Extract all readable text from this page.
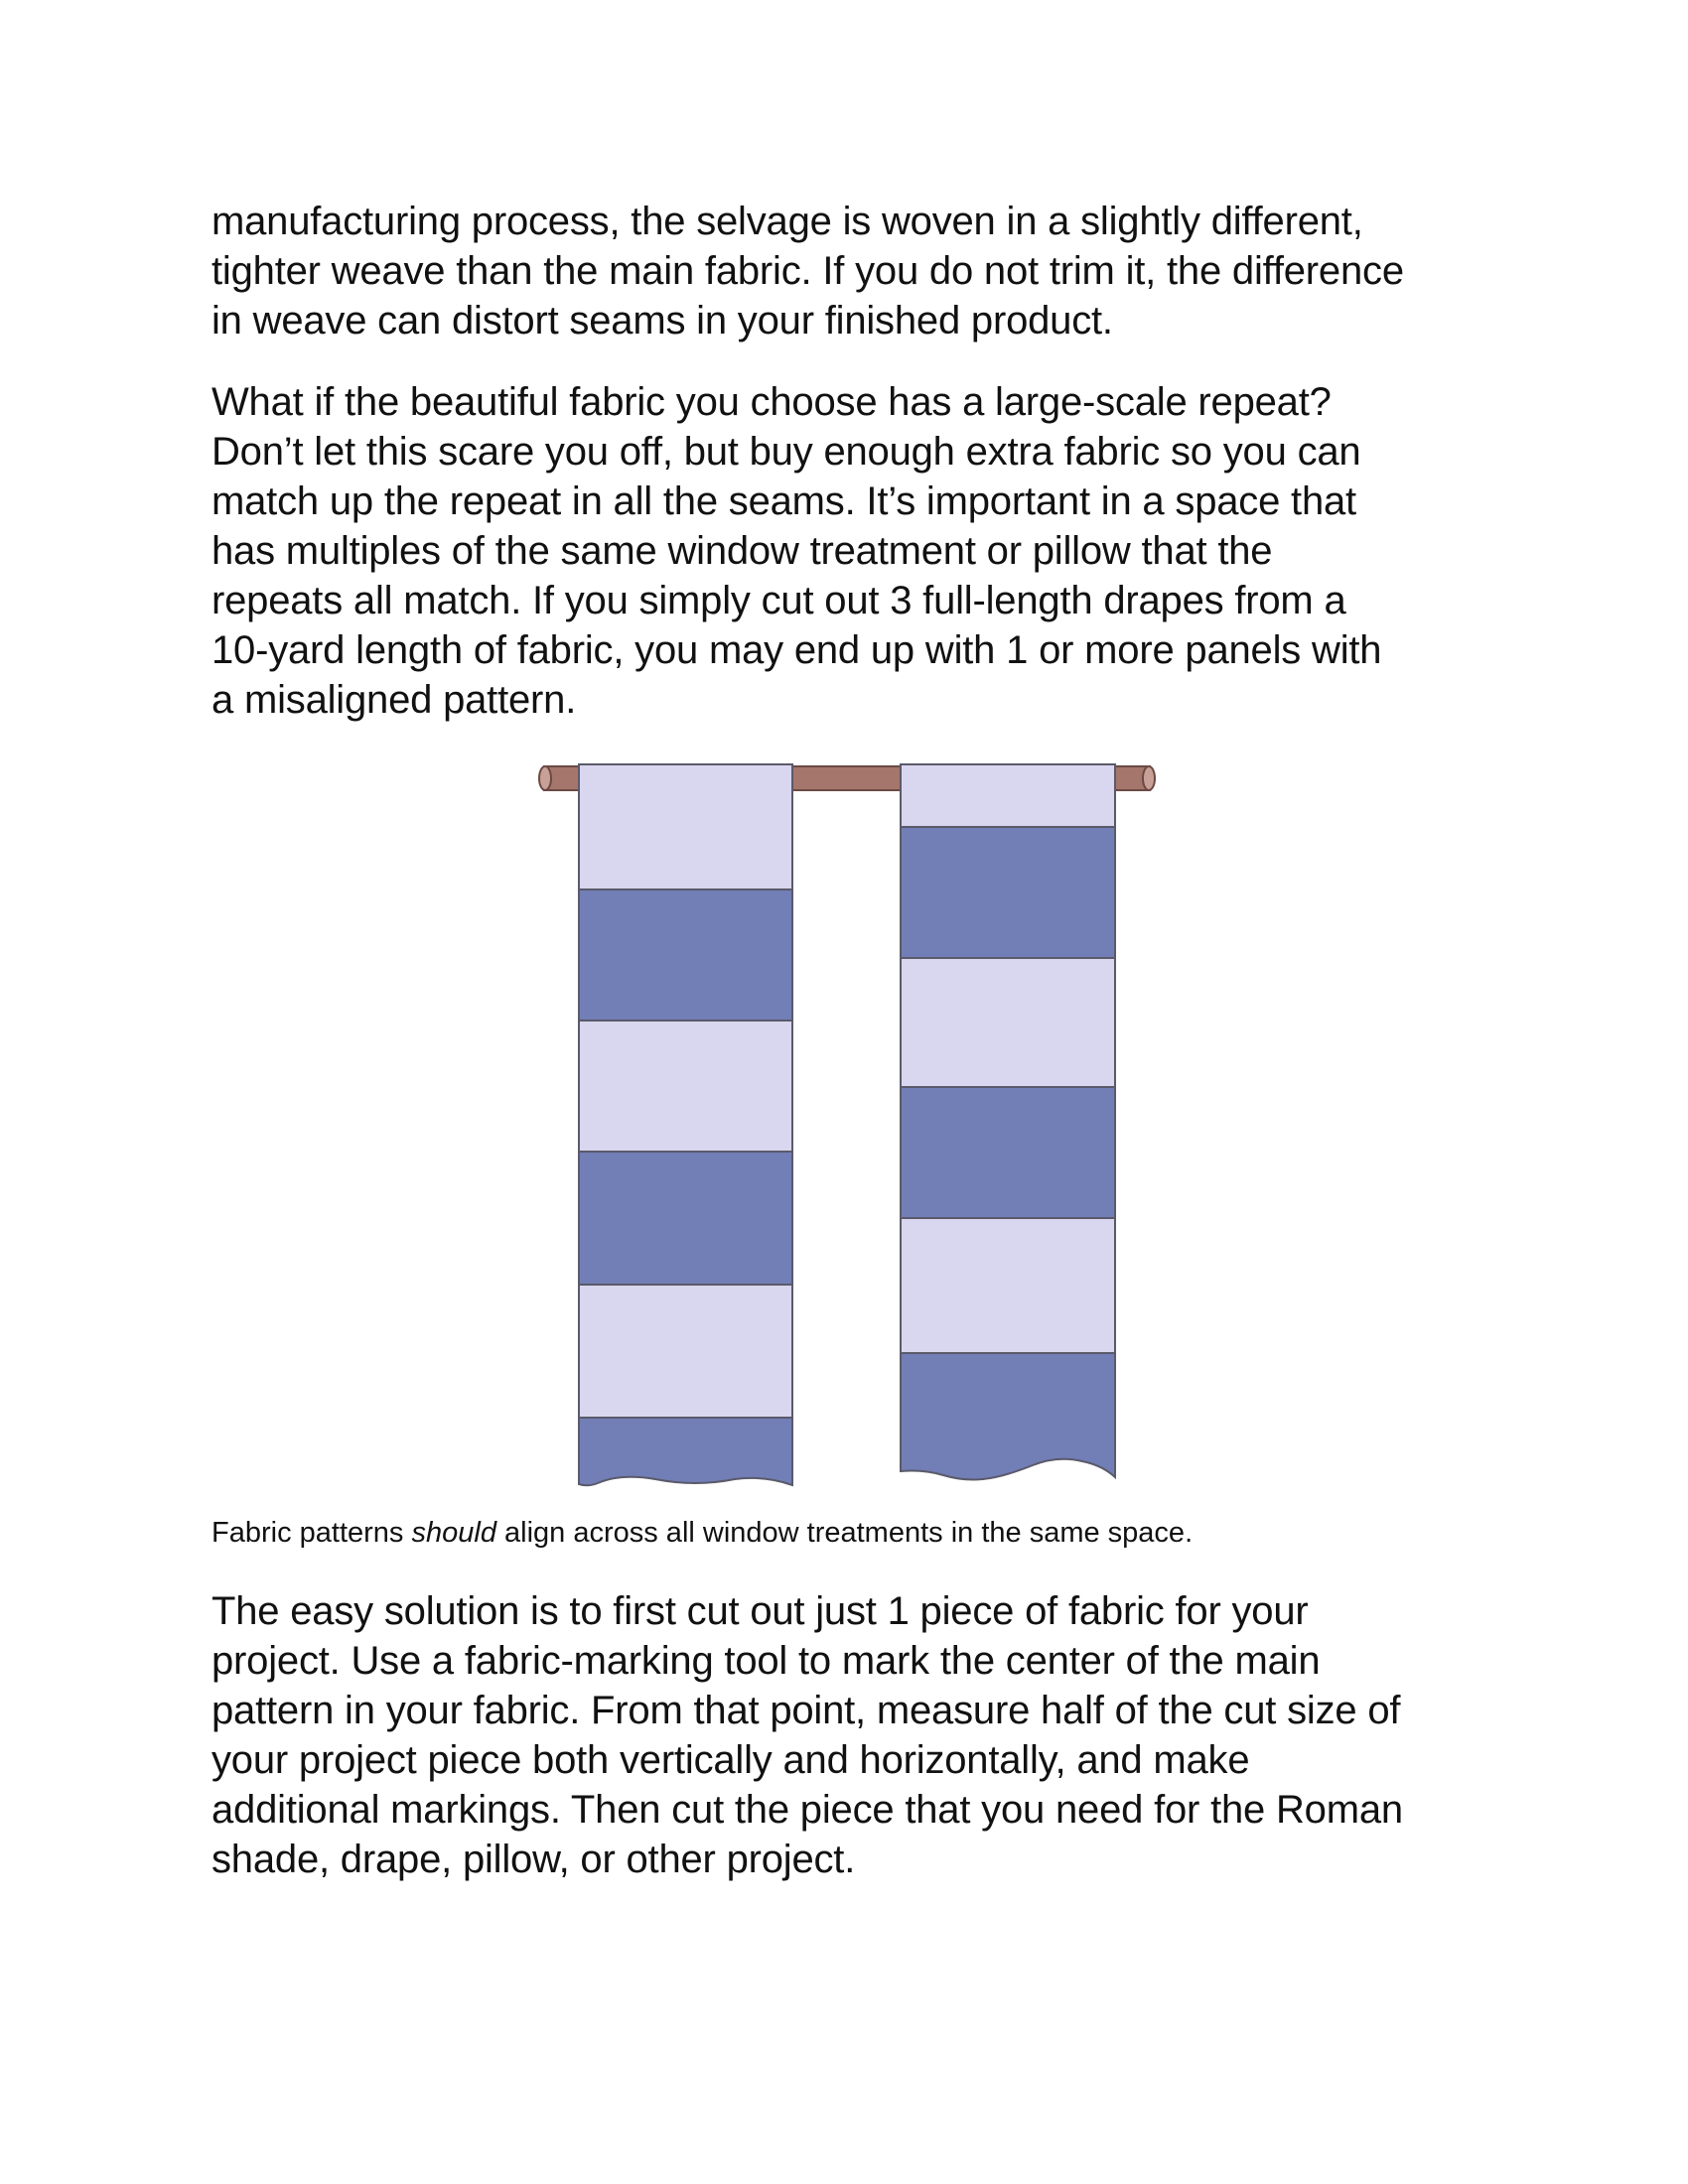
manufacturing process, the selvage is woven in a slightly different,
tighter weave than the main fabric. If you do not trim it, the difference
in weave can distort seams in your finished product.

What if the beautiful fabric you choose has a large-scale repeat?
Don’t let this scare you off, but buy enough extra fabric so you can
match up the repeat in all the seams. It’s important in a space that
has multiples of the same window treatment or pillow that the
repeats all match. If you simply cut out 3 full-length drapes from a
10-yard length of fabric, you may end up with 1 or more panels with
a misaligned pattern.

Fabric patterns should align across all window treatments in the same space.

The easy solution is to first cut out just 1 piece of fabric for your
project. Use a fabric-marking tool to mark the center of the main
pattern in your fabric. From that point, measure half of the cut size of
your project piece both vertically and horizontally, and make
additional markings. Then cut the piece that you need for the Roman
shade, drape, pillow, or other project.
